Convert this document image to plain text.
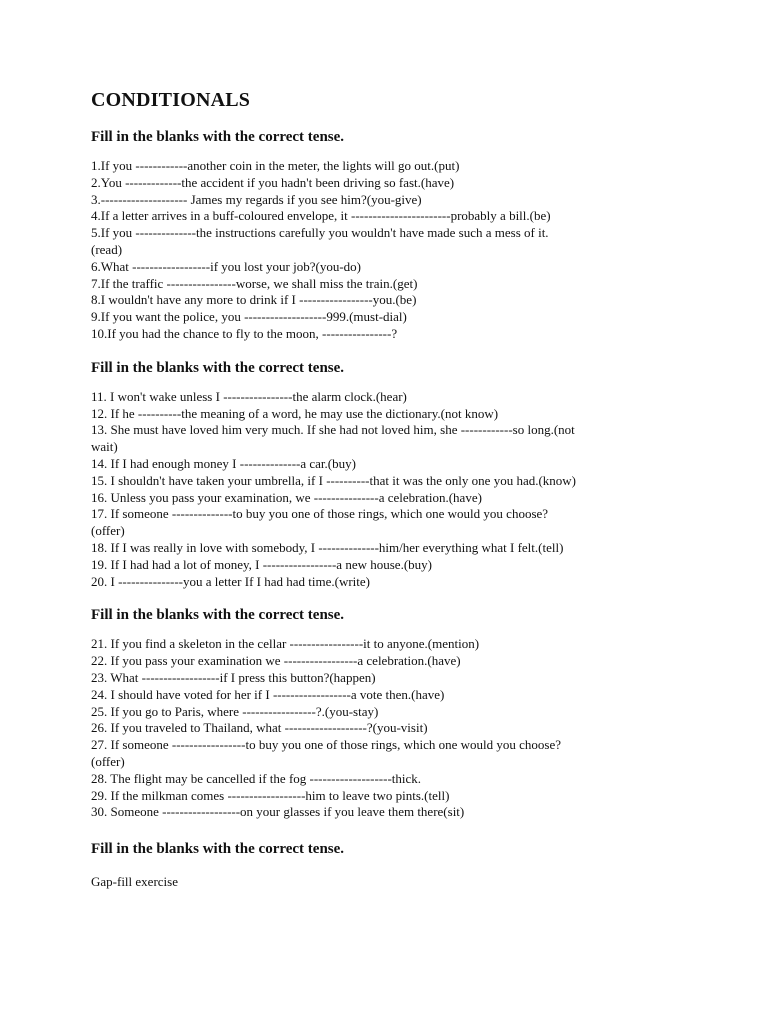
CONDITIONALS
Fill in the blanks with the correct tense.
1.If you ------------another coin in the meter, the lights will go out.(put)
2.You -------------the accident if you hadn't been driving so fast.(have)
3.-------------------- James my regards if you see him?(you-give)
4.If a letter arrives in a buff-coloured envelope, it -----------------------probably a bill.(be)
5.If you --------------the instructions carefully you wouldn't have made such a mess of it.
(read)
6.What ------------------if you lost your job?(you-do)
7.If the traffic ----------------worse, we shall miss the train.(get)
8.I wouldn't have any more to drink if I -----------------you.(be)
9.If you want the police, you -------------------999.(must-dial)
10.If you had the chance to fly to the moon, ----------------?
Fill in the blanks with the correct tense.
11. I won't wake unless I ----------------the alarm clock.(hear)
12. If he ----------the meaning of a word, he may use the dictionary.(not know)
13. She must have loved him very much. If she had not loved him, she ------------so long.(not
wait)
14. If I had enough money I --------------a car.(buy)
15. I shouldn't have taken your umbrella, if I ----------that it was the only one you had.(know)
16. Unless you pass your examination, we ---------------a celebration.(have)
17. If someone --------------to buy you one of those rings, which one would you choose?
(offer)
18. If I was really in love with somebody, I --------------him/her everything what I felt.(tell)
19. If I had had a lot of money, I -----------------a new house.(buy)
20. I ---------------you a letter If I had had time.(write)
Fill in the blanks with the correct tense.
21. If you find a skeleton in the cellar -----------------it to anyone.(mention)
22. If you pass your examination we -----------------a celebration.(have)
23. What ------------------if I press this button?(happen)
24. I should have voted for her if I ------------------a vote then.(have)
25. If you go to Paris, where -----------------?.(you-stay)
26. If you traveled to Thailand, what -------------------?(you-visit)
27. If someone -----------------to buy you one of those rings, which one would you choose?
(offer)
28. The flight may be cancelled if the fog -------------------thick.
29. If the milkman comes ------------------him to leave two pints.(tell)
30. Someone ------------------on your glasses if you leave them there(sit)
Fill in the blanks with the correct tense.
Gap-fill exercise
